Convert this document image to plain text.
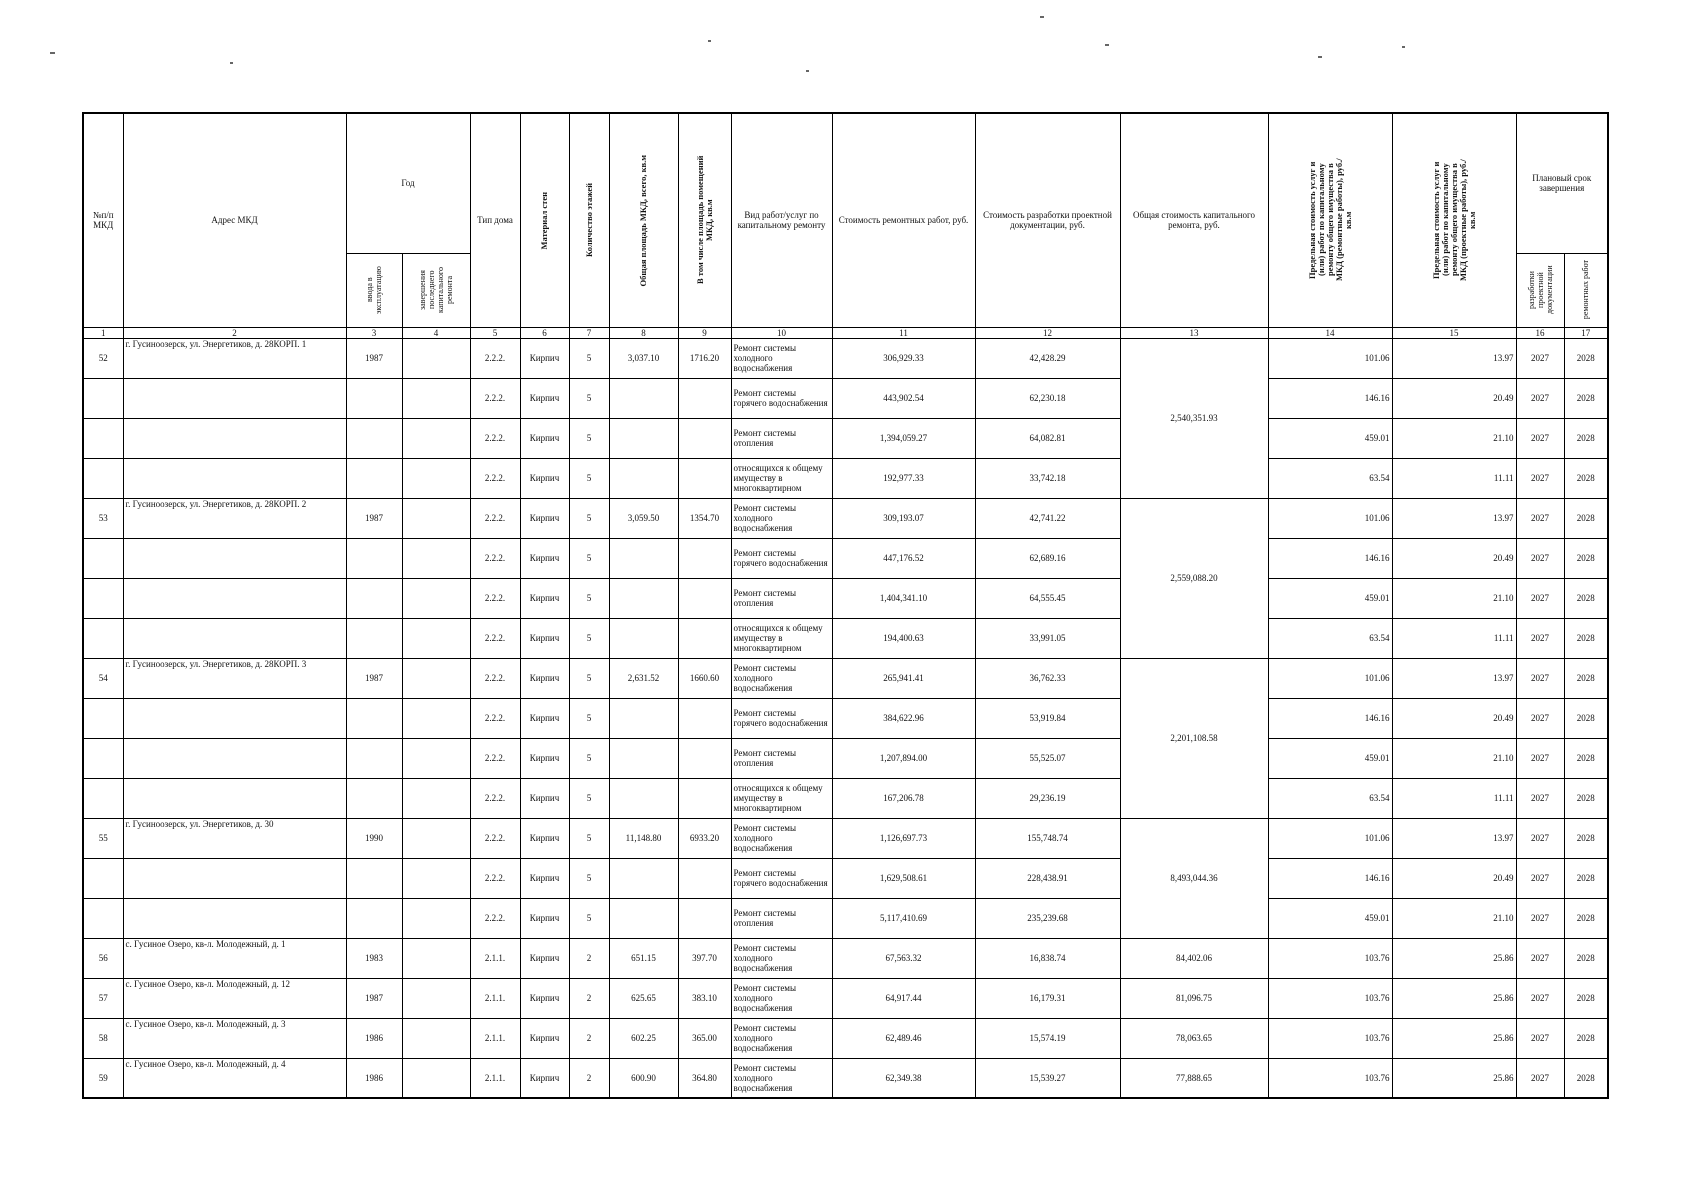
№п/п МКД	Адрес МКД	Год		Тип дома	Материал стен	Количество этажей	Общая площадь МКД, всего, кв.м	В том числе площадь помещений МКД, кв.м	Вид работ/услуг по капитальному ремонту	Стоимость ремонтных работ, руб.	Стоимость разработки проектной документации, руб.	Общая стоимость капитального ремонта, руб.	Предельная стоимость услуг и (или) работ по капитальному ремонту общего имущества в МКД (ремонтные работы), руб./кв.м	Предельная стоимость услуг и (или) работ по капитальному ремонту общего имущества в МКД (проектные работы), руб./кв.м	Плановый срок завершения	

		ввода в эксплуатацию	завершения последнего капитального ремонта												разработки проектной документации	ремонтных работ

1	2	3	4	5	6	7	8	9	10	11	12	13	14	15	16	17
52	г. Гусиноозерск, ул. Энергетиков, д. 28КОРП. 1	1987		2.2.2.	Кирпич	5	3,037.10	1716.20	Ремонт системы холодного водоснабжения	306,929.33	42,428.29	2,540,351.93	101.06	13.97	2027	2028
				2.2.2.	Кирпич	5			Ремонт системы горячего водоснабжения	443,902.54	62,230.18		146.16	20.49	2027	2028
				2.2.2.	Кирпич	5			Ремонт системы отопления	1,394,059.27	64,082.81		459.01	21.10	2027	2028
				2.2.2.	Кирпич	5			относящихся к общему имуществу в многоквартирном	192,977.33	33,742.18		63.54	11.11	2027	2028
53	г. Гусиноозерск, ул. Энергетиков, д. 28КОРП. 2	1987		2.2.2.	Кирпич	5	3,059.50	1354.70	Ремонт системы холодного водоснабжения	309,193.07	42,741.22	2,559,088.20	101.06	13.97	2027	2028
				2.2.2.	Кирпич	5			Ремонт системы горячего водоснабжения	447,176.52	62,689.16		146.16	20.49	2027	2028
				2.2.2.	Кирпич	5			Ремонт системы отопления	1,404,341.10	64,555.45		459.01	21.10	2027	2028
				2.2.2.	Кирпич	5			относящихся к общему имуществу в многоквартирном	194,400.63	33,991.05		63.54	11.11	2027	2028
54	г. Гусиноозерск, ул. Энергетиков, д. 28КОРП. 3	1987		2.2.2.	Кирпич	5	2,631.52	1660.60	Ремонт системы холодного водоснабжения	265,941.41	36,762.33	2,201,108.58	101.06	13.97	2027	2028
				2.2.2.	Кирпич	5			Ремонт системы горячего водоснабжения	384,622.96	53,919.84		146.16	20.49	2027	2028
				2.2.2.	Кирпич	5			Ремонт системы отопления	1,207,894.00	55,525.07		459.01	21.10	2027	2028
				2.2.2.	Кирпич	5			относящихся к общему имуществу в многоквартирном	167,206.78	29,236.19		63.54	11.11	2027	2028
55	г. Гусиноозерск, ул. Энергетиков, д. 30	1990		2.2.2.	Кирпич	5	11,148.80	6933.20	Ремонт системы холодного водоснабжения	1,126,697.73	155,748.74	8,493,044.36	101.06	13.97	2027	2028
				2.2.2.	Кирпич	5			Ремонт системы горячего водоснабжения	1,629,508.61	228,438.91		146.16	20.49	2027	2028
				2.2.2.	Кирпич	5			Ремонт системы отопления	5,117,410.69	235,239.68		459.01	21.10	2027	2028
56	с. Гусиное Озеро, кв-л. Молодежный, д. 1	1983		2.1.1.	Кирпич	2	651.15	397.70	Ремонт системы холодного водоснабжения	67,563.32	16,838.74	84,402.06	103.76	25.86	2027	2028
57	с. Гусиное Озеро, кв-л. Молодежный, д. 12	1987		2.1.1.	Кирпич	2	625.65	383.10	Ремонт системы холодного водоснабжения	64,917.44	16,179.31	81,096.75	103.76	25.86	2027	2028
58	с. Гусиное Озеро, кв-л. Молодежный, д. 3	1986		2.1.1.	Кирпич	2	602.25	365.00	Ремонт системы холодного водоснабжения	62,489.46	15,574.19	78,063.65	103.76	25.86	2027	2028
59	с. Гусиное Озеро, кв-л. Молодежный, д. 4	1986		2.1.1.	Кирпич	2	600.90	364.80	Ремонт системы холодного водоснабжения	62,349.38	15,539.27	77,888.65	103.76	25.86	2027	2028
